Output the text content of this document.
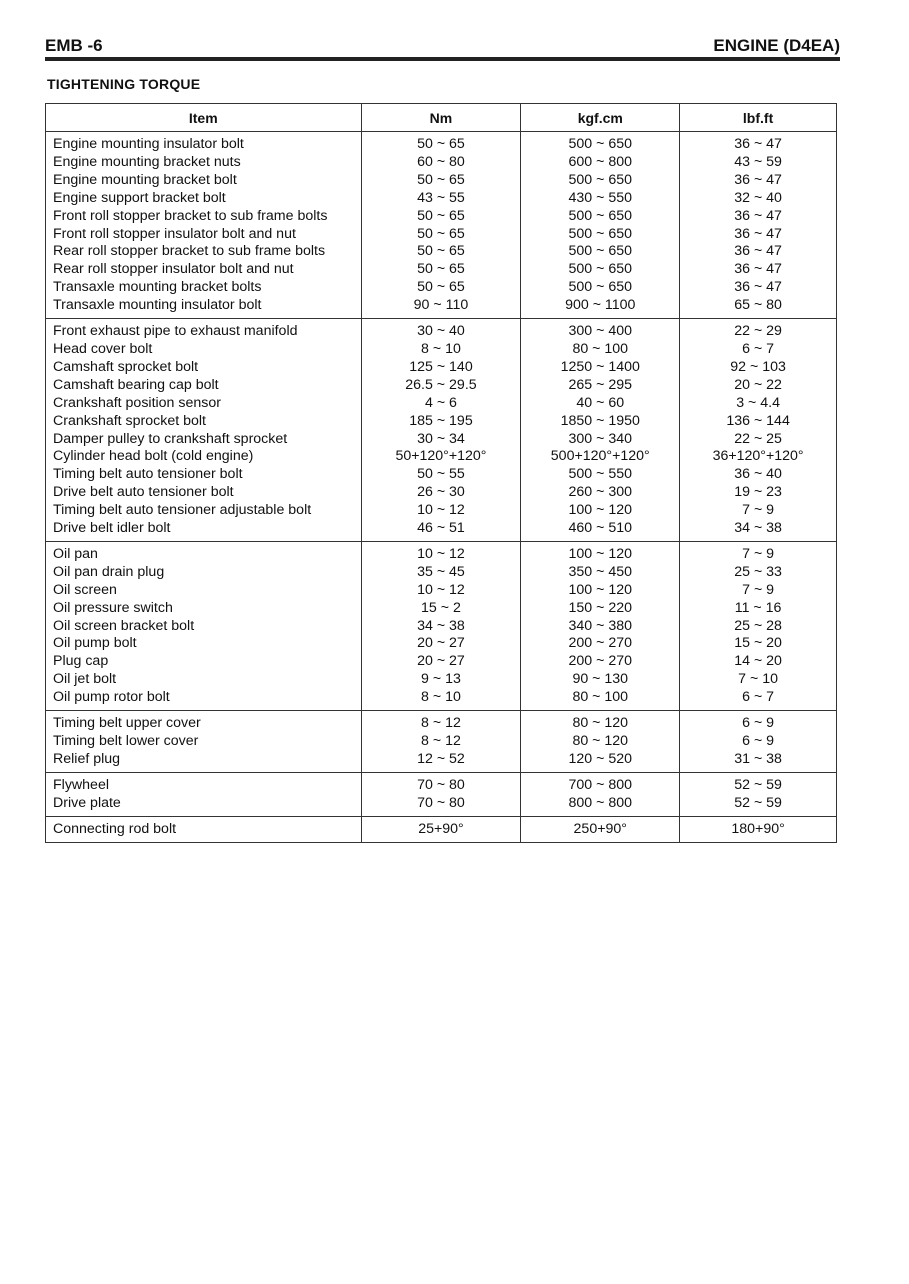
EMB -6	ENGINE (D4EA)
TIGHTENING TORQUE
Item	Nm	kgf.cm	lbf.ft
Engine mounting insulator bolt	50 ~ 65	500 ~ 650	36 ~ 47
Engine mounting bracket nuts	60 ~ 80	600 ~ 800	43 ~ 59
Engine mounting bracket bolt	50 ~ 65	500 ~ 650	36 ~ 47
Engine support bracket bolt	43 ~ 55	430 ~ 550	32 ~ 40
Front roll stopper bracket to sub frame bolts	50 ~ 65	500 ~ 650	36 ~ 47
Front roll stopper insulator bolt and nut	50 ~ 65	500 ~ 650	36 ~ 47
Rear roll stopper bracket to sub frame bolts	50 ~ 65	500 ~ 650	36 ~ 47
Rear roll stopper insulator bolt and nut	50 ~ 65	500 ~ 650	36 ~ 47
Transaxle mounting bracket bolts	50 ~ 65	500 ~ 650	36 ~ 47
Transaxle mounting insulator bolt	90 ~ 110	900 ~ 1100	65 ~ 80
Front exhaust pipe to exhaust manifold	30 ~ 40	300 ~ 400	22 ~ 29
Head cover bolt	8 ~ 10	80 ~ 100	6 ~ 7
Camshaft sprocket bolt	125 ~ 140	1250 ~ 1400	92 ~ 103
Camshaft bearing cap bolt	26.5 ~ 29.5	265 ~ 295	20 ~ 22
Crankshaft position sensor	4 ~ 6	40 ~ 60	3 ~ 4.4
Crankshaft sprocket bolt	185 ~ 195	1850 ~ 1950	136 ~ 144
Damper pulley to crankshaft sprocket	30 ~ 34	300 ~ 340	22 ~ 25
Cylinder head bolt (cold engine)	50+120°+120°	500+120°+120°	36+120°+120°
Timing belt auto tensioner bolt	50 ~ 55	500 ~ 550	36 ~ 40
Drive belt auto tensioner bolt	26 ~ 30	260 ~ 300	19 ~ 23
Timing belt auto tensioner adjustable bolt	10 ~ 12	100 ~ 120	7 ~ 9
Drive belt idler bolt	46 ~ 51	460 ~ 510	34 ~ 38
Oil pan	10 ~ 12	100 ~ 120	7 ~ 9
Oil pan drain plug	35 ~ 45	350 ~ 450	25 ~ 33
Oil screen	10 ~ 12	100 ~ 120	7 ~ 9
Oil pressure switch	15 ~ 2	150 ~ 220	11 ~ 16
Oil screen bracket bolt	34 ~ 38	340 ~ 380	25 ~ 28
Oil pump bolt	20 ~ 27	200 ~ 270	15 ~ 20
Plug cap	20 ~ 27	200 ~ 270	14 ~ 20
Oil jet bolt	9 ~ 13	90 ~ 130	7 ~ 10
Oil pump rotor bolt	8 ~ 10	80 ~ 100	6 ~ 7
Timing belt upper cover	8 ~ 12	80 ~ 120	6 ~ 9
Timing belt lower cover	8 ~ 12	80 ~ 120	6 ~ 9
Relief plug	12 ~ 52	120 ~ 520	31 ~ 38
Flywheel	70 ~ 80	700 ~ 800	52 ~ 59
Drive plate	70 ~ 80	800 ~ 800	52 ~ 59
Connecting rod bolt	25+90°	250+90°	180+90°
